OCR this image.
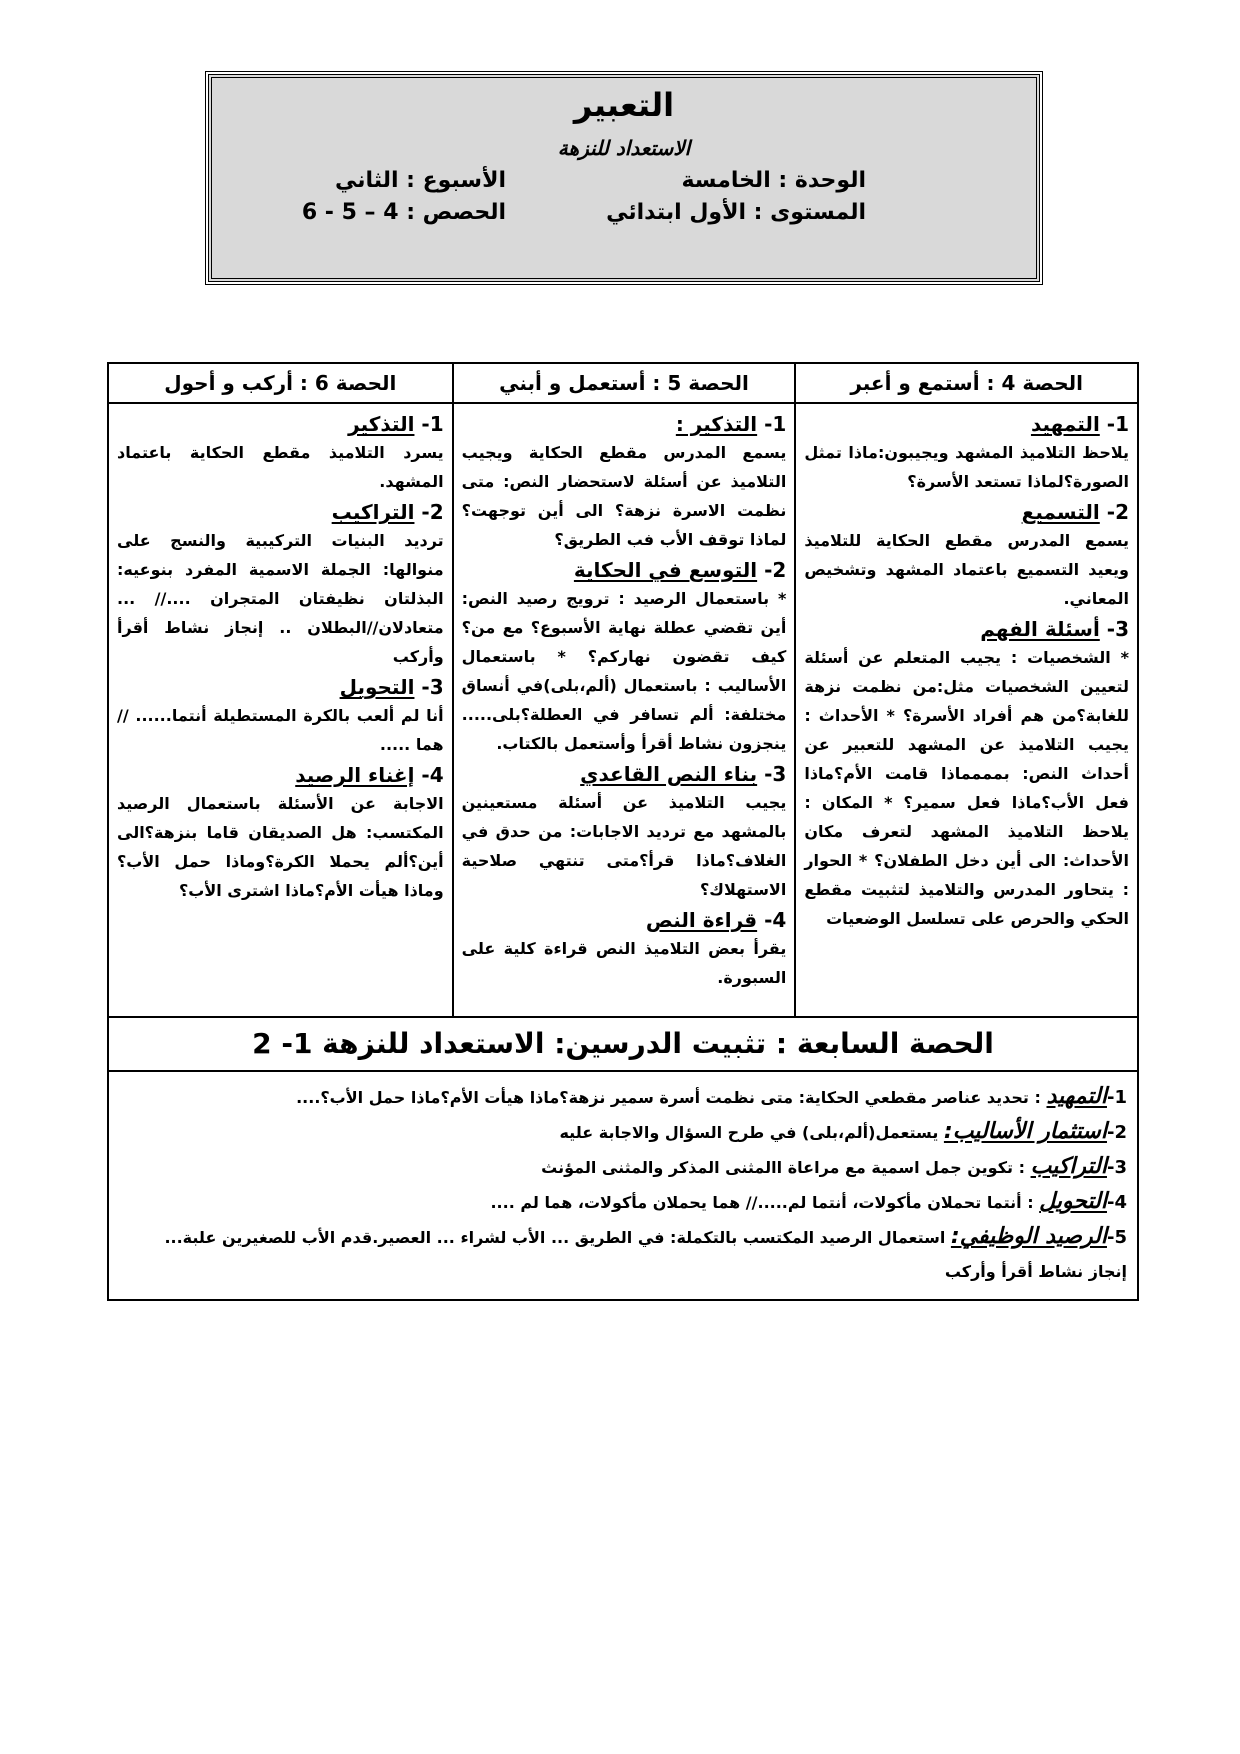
التعبير
الاستعداد للنزهة
الوحدة : الخامسة
الأسبوع : الثاني
المستوى : الأول ابتدائي
الحصص : 4 – 5 - 6
الحصة 4 : أستمع و أعبر
1- التمهيد
يلاحظ التلاميذ المشهد ويجيبون:ماذا تمثل الصورة؟لماذا تستعد الأسرة؟
2- التسميع
يسمع المدرس مقطع الحكاية للتلاميذ ويعيد التسميع باعتماد المشهد وتشخيص المعاني.
3- أسئلة الفهم
* الشخصيات : يجيب المتعلم عن أسئلة لتعيين الشخصيات مثل:من نظمت نزهة للغابة؟من هم أفراد الأسرة؟ * الأحداث : يجيب التلاميذ عن المشهد للتعبير عن أحداث النص: بمممماذا قامت الأم؟ماذا فعل الأب؟ماذا فعل سمير؟ * المكان : يلاحظ التلاميذ المشهد لتعرف مكان الأحداث: الى أين دخل الطفلان؟ * الحوار : يتحاور المدرس والتلاميذ لتثبيت مقطع الحكي والحرص على تسلسل الوضعيات
الحصة 5 : أستعمل و أبني
1- التذكير :
يسمع المدرس مقطع الحكاية ويجيب التلاميذ عن أسئلة لاستحضار النص: متى نظمت الاسرة نزهة؟ الى أين توجهت؟لماذا توقف الأب فب الطريق؟
2- التوسع في الحكاية
* باستعمال الرصيد : ترويج رصيد النص: أين تقضي عطلة نهاية الأسبوع؟ مع من؟كيف تقضون نهاركم؟ * باستعمال الأساليب : باستعمال (ألم،بلى)في أنساق مختلفة: ألم تسافر في العطلة؟بلى..... ينجزون نشاط أقرأ وأستعمل بالكتاب.
3- بناء النص القاعدي
يجيب التلاميذ عن أسئلة مستعينين بالمشهد مع ترديد الاجابات: من حدق في الغلاف؟ماذا قرأ؟متى تنتهي صلاحية الاستهلاك؟
4- قراءة النص
يقرأ بعض التلاميذ النص قراءة كلية على السبورة.
الحصة 6 : أركب و أحول
1- التذكير
يسرد التلاميذ مقطع الحكاية باعتماد المشهد.
2- التراكيب
ترديد البنيات التركيبية والنسج على منوالها: الجملة الاسمية المفرد بنوعيه: البذلتان نظيفتان المتجران ....// ... متعادلان//البطلان .. إنجاز نشاط أقرأ وأركب
3- التحويل
أنا لم ألعب بالكرة المستطيلة أنتما...... // هما .....
4- إغناء الرصيد
الاجابة عن الأسئلة باستعمال الرصيد المكتسب: هل الصديقان قاما بنزهة؟الى أين؟ألم يحملا الكرة؟وماذا حمل الأب؟ وماذا هيأت الأم؟ماذا اشترى الأب؟
الحصة السابعة : تثبيت الدرسين: الاستعداد للنزهة 1- 2
1-التمهيد : تحديد عناصر مقطعي الحكاية: متى نظمت أسرة سمير نزهة؟ماذا هيأت الأم؟ماذا حمل الأب؟....
2-استثمار الأساليب: يستعمل(ألم،بلى) في طرح السؤال والاجابة عليه
3-التراكيب : تكوين جمل اسمية مع مراعاة االمثنى المذكر والمثنى المؤنث
4-التحويل : أنتما تحملان مأكولات، أنتما لم.....// هما يحملان مأكولات، هما لم ....
5-الرصيد الوظيفي: استعمال الرصيد المكتسب بالتكملة: في الطريق ... الأب لشراء ... العصير.قدم الأب للصغيرين علبة...
إنجاز نشاط أقرأ وأركب
